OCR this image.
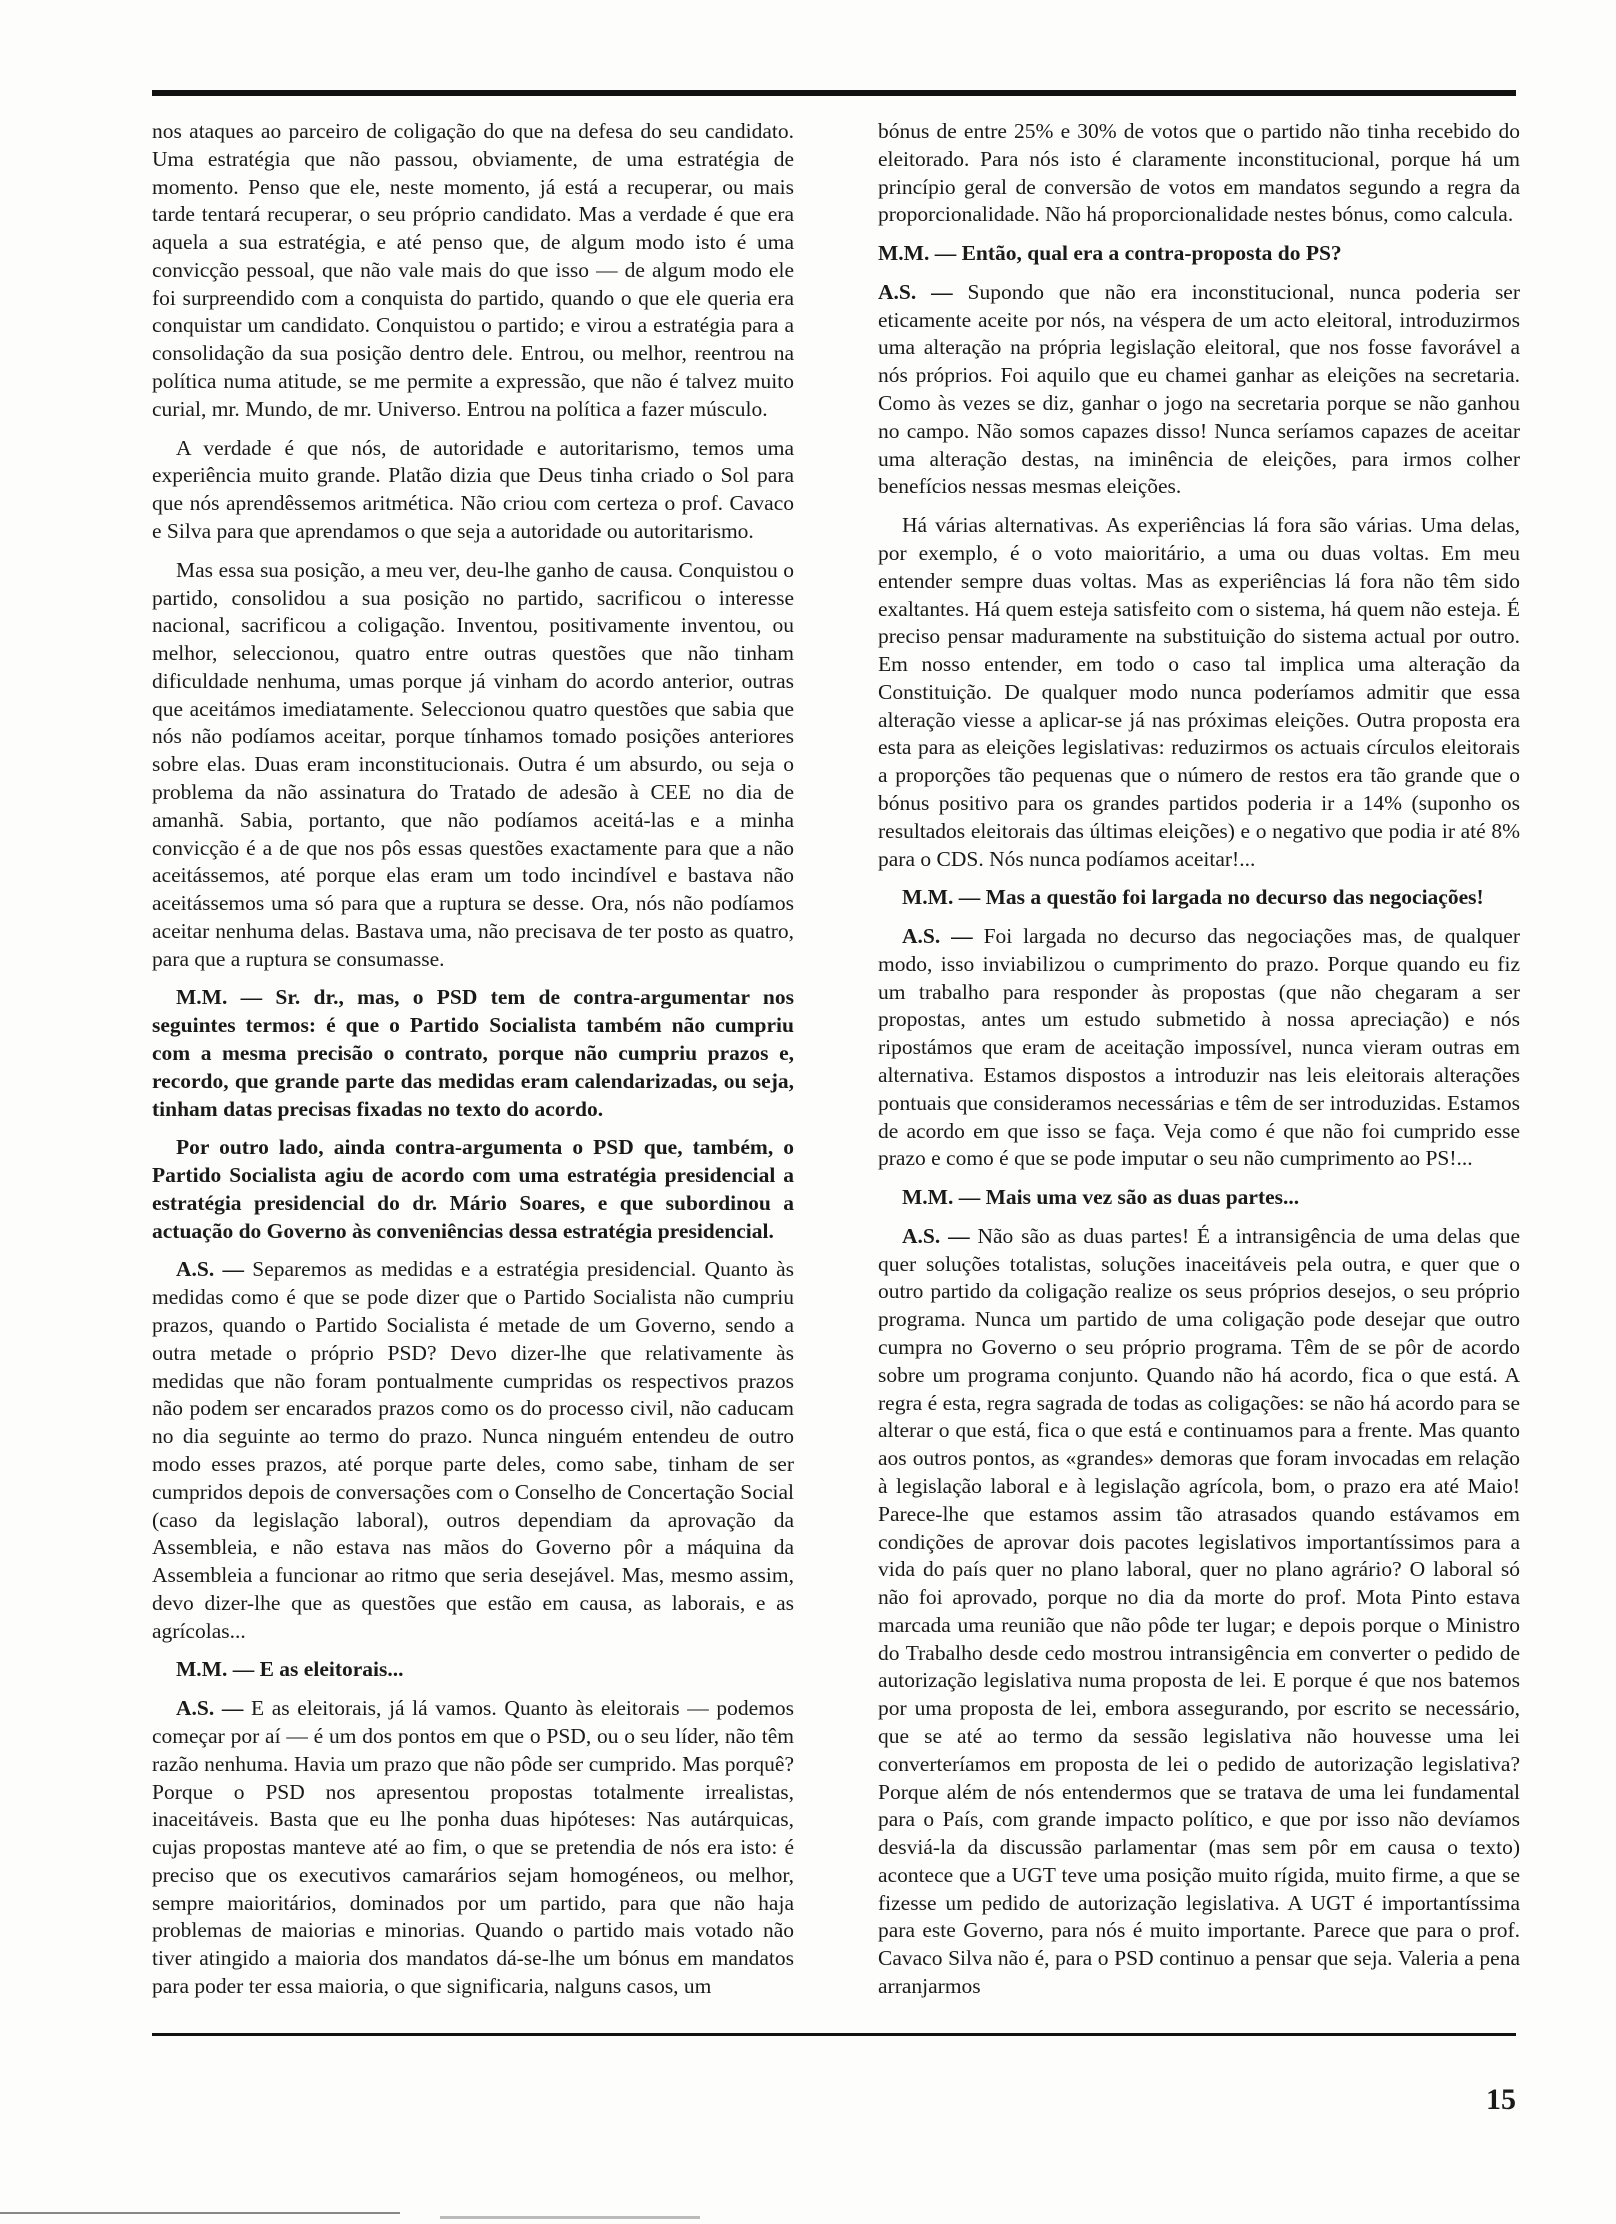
nos ataques ao parceiro de coligação do que na defesa do seu candidato. Uma estratégia que não passou, obviamente, de uma estratégia de momento. Penso que ele, neste momento, já está a recuperar, ou mais tarde tentará recuperar, o seu próprio candidato. Mas a verdade é que era aquela a sua estratégia, e até penso que, de algum modo isto é uma convicção pessoal, que não vale mais do que isso — de algum modo ele foi surpreendido com a conquista do partido, quando o que ele queria era conquistar um candidato. Conquistou o partido; e virou a estratégia para a consolidação da sua posição dentro dele. Entrou, ou melhor, reentrou na política numa atitude, se me permite a expressão, que não é talvez muito curial, mr. Mundo, de mr. Universo. Entrou na política a fazer músculo.

A verdade é que nós, de autoridade e autoritarismo, temos uma experiência muito grande. Platão dizia que Deus tinha criado o Sol para que nós aprendêssemos aritmética. Não criou com certeza o prof. Cavaco e Silva para que aprendamos o que seja a autoridade ou autoritarismo.

Mas essa sua posição, a meu ver, deu-lhe ganho de causa. Conquistou o partido, consolidou a sua posição no partido, sacrificou o interesse nacional, sacrificou a coligação. Inventou, positivamente inventou, ou melhor, seleccionou, quatro entre outras questões que não tinham dificuldade nenhuma, umas porque já vinham do acordo anterior, outras que aceitámos imediatamente. Seleccionou quatro questões que sabia que nós não podíamos aceitar, porque tínhamos tomado posições anteriores sobre elas. Duas eram inconstitucionais. Outra é um absurdo, ou seja o problema da não assinatura do Tratado de adesão à CEE no dia de amanhã. Sabia, portanto, que não podíamos aceitá-las e a minha convicção é a de que nos pôs essas questões exactamente para que a não aceitássemos, até porque elas eram um todo incindível e bastava não aceitássemos uma só para que a ruptura se desse. Ora, nós não podíamos aceitar nenhuma delas. Bastava uma, não precisava de ter posto as quatro, para que a ruptura se consumasse.

M.M. — Sr. dr., mas, o PSD tem de contra-argumentar nos seguintes termos: é que o Partido Socialista também não cumpriu com a mesma precisão o contrato, porque não cumpriu prazos e, recordo, que grande parte das medidas eram calendarizadas, ou seja, tinham datas precisas fixadas no texto do acordo.

Por outro lado, ainda contra-argumenta o PSD que, também, o Partido Socialista agiu de acordo com uma estratégia presidencial a estratégia presidencial do dr. Mário Soares, e que subordinou a actuação do Governo às conveniências dessa estratégia presidencial.

A.S. — Separemos as medidas e a estratégia presidencial. Quanto às medidas como é que se pode dizer que o Partido Socialista não cumpriu prazos, quando o Partido Socialista é metade de um Governo, sendo a outra metade o próprio PSD? Devo dizer-lhe que relativamente às medidas que não foram pontualmente cumpridas os respectivos prazos não podem ser encarados prazos como os do processo civil, não caducam no dia seguinte ao termo do prazo. Nunca ninguém entendeu de outro modo esses prazos, até porque parte deles, como sabe, tinham de ser cumpridos depois de conversações com o Conselho de Concertação Social (caso da legislação laboral), outros dependiam da aprovação da Assembleia, e não estava nas mãos do Governo pôr a máquina da Assembleia a funcionar ao ritmo que seria desejável. Mas, mesmo assim, devo dizer-lhe que as questões que estão em causa, as laborais, e as agrícolas...

M.M. — E as eleitorais...

A.S. — E as eleitorais, já lá vamos. Quanto às eleitorais — podemos começar por aí — é um dos pontos em que o PSD, ou o seu líder, não têm razão nenhuma. Havia um prazo que não pôde ser cumprido. Mas porquê? Porque o PSD nos apresentou propostas totalmente irrealistas, inaceitáveis. Basta que eu lhe ponha duas hipóteses: Nas autárquicas, cujas propostas manteve até ao fim, o que se pretendia de nós era isto: é preciso que os executivos camarários sejam homogéneos, ou melhor, sempre maioritários, dominados por um partido, para que não haja problemas de maiorias e minorias. Quando o partido mais votado não tiver atingido a maioria dos mandatos dá-se-lhe um bónus em mandatos para poder ter essa maioria, o que significaria, nalguns casos, um

bónus de entre 25% e 30% de votos que o partido não tinha recebido do eleitorado. Para nós isto é claramente inconstitucional, porque há um princípio geral de conversão de votos em mandatos segundo a regra da proporcionalidade. Não há proporcionalidade nestes bónus, como calcula.

M.M. — Então, qual era a contra-proposta do PS?

A.S. — Supondo que não era inconstitucional, nunca poderia ser eticamente aceite por nós, na véspera de um acto eleitoral, introduzirmos uma alteração na própria legislação eleitoral, que nos fosse favorável a nós próprios. Foi aquilo que eu chamei ganhar as eleições na secretaria. Como às vezes se diz, ganhar o jogo na secretaria porque se não ganhou no campo. Não somos capazes disso! Nunca seríamos capazes de aceitar uma alteração destas, na iminência de eleições, para irmos colher benefícios nessas mesmas eleições.

Há várias alternativas. As experiências lá fora são várias. Uma delas, por exemplo, é o voto maioritário, a uma ou duas voltas. Em meu entender sempre duas voltas. Mas as experiências lá fora não têm sido exaltantes. Há quem esteja satisfeito com o sistema, há quem não esteja. É preciso pensar maduramente na substituição do sistema actual por outro. Em nosso entender, em todo o caso tal implica uma alteração da Constituição. De qualquer modo nunca poderíamos admitir que essa alteração viesse a aplicar-se já nas próximas eleições. Outra proposta era esta para as eleições legislativas: reduzirmos os actuais círculos eleitorais a proporções tão pequenas que o número de restos era tão grande que o bónus positivo para os grandes partidos poderia ir a 14% (suponho os resultados eleitorais das últimas eleições) e o negativo que podia ir até 8% para o CDS. Nós nunca podíamos aceitar!...

M.M. — Mas a questão foi largada no decurso das negociações!

A.S. — Foi largada no decurso das negociações mas, de qualquer modo, isso inviabilizou o cumprimento do prazo. Porque quando eu fiz um trabalho para responder às propostas (que não chegaram a ser propostas, antes um estudo submetido à nossa apreciação) e nós ripostámos que eram de aceitação impossível, nunca vieram outras em alternativa. Estamos dispostos a introduzir nas leis eleitorais alterações pontuais que consideramos necessárias e têm de ser introduzidas. Estamos de acordo em que isso se faça. Veja como é que não foi cumprido esse prazo e como é que se pode imputar o seu não cumprimento ao PS!...

M.M. — Mais uma vez são as duas partes...

A.S. — Não são as duas partes! É a intransigência de uma delas que quer soluções totalistas, soluções inaceitáveis pela outra, e quer que o outro partido da coligação realize os seus próprios desejos, o seu próprio programa. Nunca um partido de uma coligação pode desejar que outro cumpra no Governo o seu próprio programa. Têm de se pôr de acordo sobre um programa conjunto. Quando não há acordo, fica o que está. A regra é esta, regra sagrada de todas as coligações: se não há acordo para se alterar o que está, fica o que está e continuamos para a frente. Mas quanto aos outros pontos, as «grandes» demoras que foram invocadas em relação à legislação laboral e à legislação agrícola, bom, o prazo era até Maio! Parece-lhe que estamos assim tão atrasados quando estávamos em condições de aprovar dois pacotes legislativos importantíssimos para a vida do país quer no plano laboral, quer no plano agrário? O laboral só não foi aprovado, porque no dia da morte do prof. Mota Pinto estava marcada uma reunião que não pôde ter lugar; e depois porque o Ministro do Trabalho desde cedo mostrou intransigência em converter o pedido de autorização legislativa numa proposta de lei. E porque é que nos batemos por uma proposta de lei, embora assegurando, por escrito se necessário, que se até ao termo da sessão legislativa não houvesse uma lei converteríamos em proposta de lei o pedido de autorização legislativa? Porque além de nós entendermos que se tratava de uma lei fundamental para o País, com grande impacto político, e que por isso não devíamos desviá-la da discussão parlamentar (mas sem pôr em causa o texto) acontece que a UGT teve uma posição muito rígida, muito firme, a que se fizesse um pedido de autorização legislativa. A UGT é importantíssima para este Governo, para nós é muito importante. Parece que para o prof. Cavaco Silva não é, para o PSD continuo a pensar que seja. Valeria a pena arranjarmos

15
